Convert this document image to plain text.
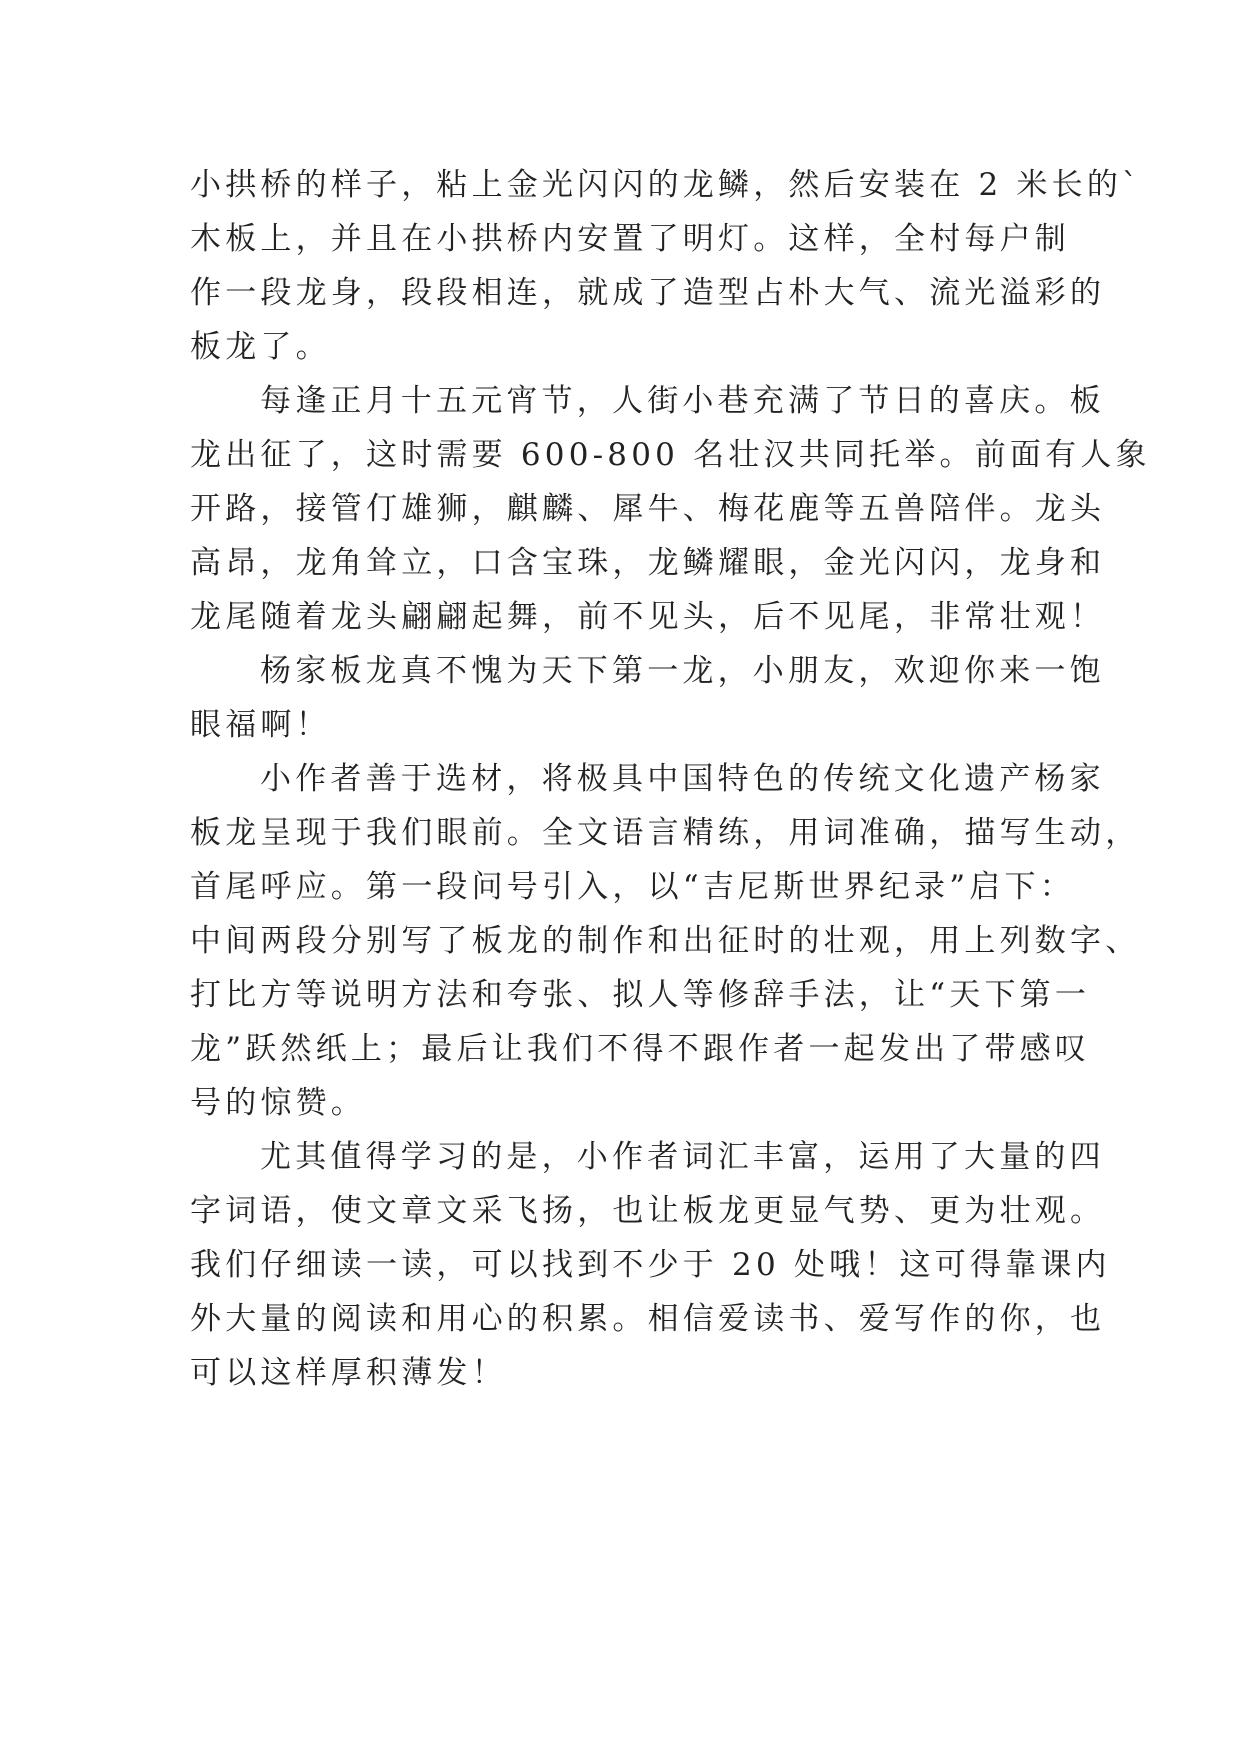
小拱桥的样子，粘上金光闪闪的龙鳞，然后安装在 2 米长的`
木板上，并且在小拱桥内安置了明灯。这样，全村每户制
作一段龙身，段段相连，就成了造型占朴大气、流光溢彩的
板龙了。
每逢正月十五元宵节，人街小巷充满了节日的喜庆。板
龙出征了，这时需要 600-800 名壮汉共同托举。前面有人象
开路，接管仃雄狮，麒麟、犀牛、梅花鹿等五兽陪伴。龙头
高昂，龙角耸立，口含宝珠，龙鳞耀眼，金光闪闪，龙身和
龙尾随着龙头翩翩起舞，前不见头，后不见尾，非常壮观！
杨家板龙真不愧为天下第一龙，小朋友，欢迎你来一饱
眼福啊！
小作者善于选材，将极具中国特色的传统文化遗产杨家
板龙呈现于我们眼前。全文语言精练，用词准确，描写生动，
首尾呼应。第一段问号引入，以“吉尼斯世界纪录”启下：
中间两段分别写了板龙的制作和出征时的壮观，用上列数字、
打比方等说明方法和夸张、拟人等修辞手法，让“天下第一
龙”跃然纸上；最后让我们不得不跟作者一起发出了带感叹
号的惊赞。
尤其值得学习的是，小作者词汇丰富，运用了大量的四
字词语，使文章文采飞扬，也让板龙更显气势、更为壮观。
我们仔细读一读，可以找到不少于 20 处哦！这可得靠课内
外大量的阅读和用心的积累。相信爱读书、爱写作的你，也
可以这样厚积薄发！
